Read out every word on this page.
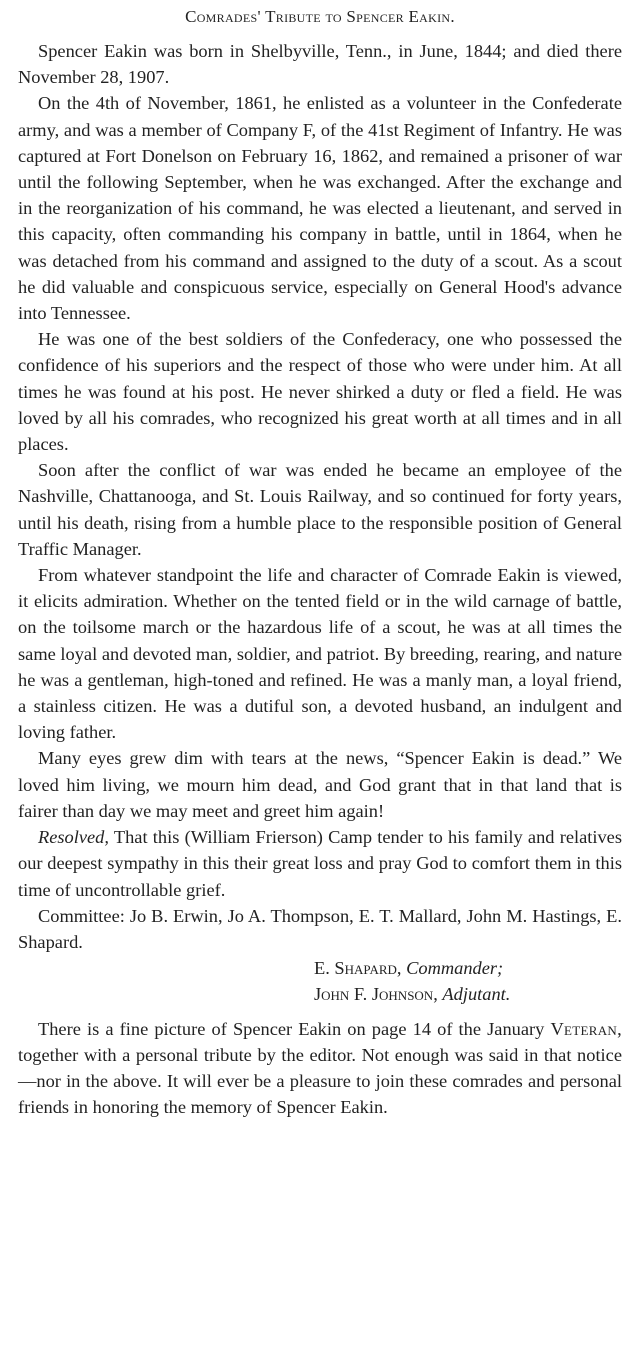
Comrades' Tribute to Spencer Eakin.

Spencer Eakin was born in Shelbyville, Tenn., in June, 1844; and died there November 28, 1907.

On the 4th of November, 1861, he enlisted as a volunteer in the Confederate army, and was a member of Company F, of the 41st Regiment of Infantry. He was captured at Fort Donelson on February 16, 1862, and remained a prisoner of war until the following September, when he was exchanged. After the exchange and in the reorganization of his command, he was elected a lieutenant, and served in this capacity, often commanding his company in battle, until in 1864, when he was detached from his command and assigned to the duty of a scout. As a scout he did valuable and conspicuous service, especially on General Hood's advance into Tennessee.

He was one of the best soldiers of the Confederacy, one who possessed the confidence of his superiors and the respect of those who were under him. At all times he was found at his post. He never shirked a duty or fled a field. He was loved by all his comrades, who recognized his great worth at all times and in all places.

Soon after the conflict of war was ended he became an employee of the Nashville, Chattanooga, and St. Louis Railway, and so continued for forty years, until his death, rising from a humble place to the responsible position of General Traffic Manager.

From whatever standpoint the life and character of Comrade Eakin is viewed, it elicits admiration. Whether on the tented field or in the wild carnage of battle, on the toilsome march or the hazardous life of a scout, he was at all times the same loyal and devoted man, soldier, and patriot. By breeding, rearing, and nature he was a gentleman, high-toned and refined. He was a manly man, a loyal friend, a stainless citizen. He was a dutiful son, a devoted husband, an indulgent and loving father.

Many eyes grew dim with tears at the news, “Spencer Eakin is dead.” We loved him living, we mourn him dead, and God grant that in that land that is fairer than day we may meet and greet him again!

Resolved, That this (William Frierson) Camp tender to his family and relatives our deepest sympathy in this their great loss and pray God to comfort them in this time of uncontrollable grief.

Committee: Jo B. Erwin, Jo A. Thompson, E. T. Mallard, John M. Hastings, E. Shapard.

E. Shapard, Commander;
John F. Johnson, Adjutant.

There is a fine picture of Spencer Eakin on page 14 of the January Veteran, together with a personal tribute by the editor. Not enough was said in that notice—nor in the above. It will ever be a pleasure to join these comrades and personal friends in honoring the memory of Spencer Eakin.
